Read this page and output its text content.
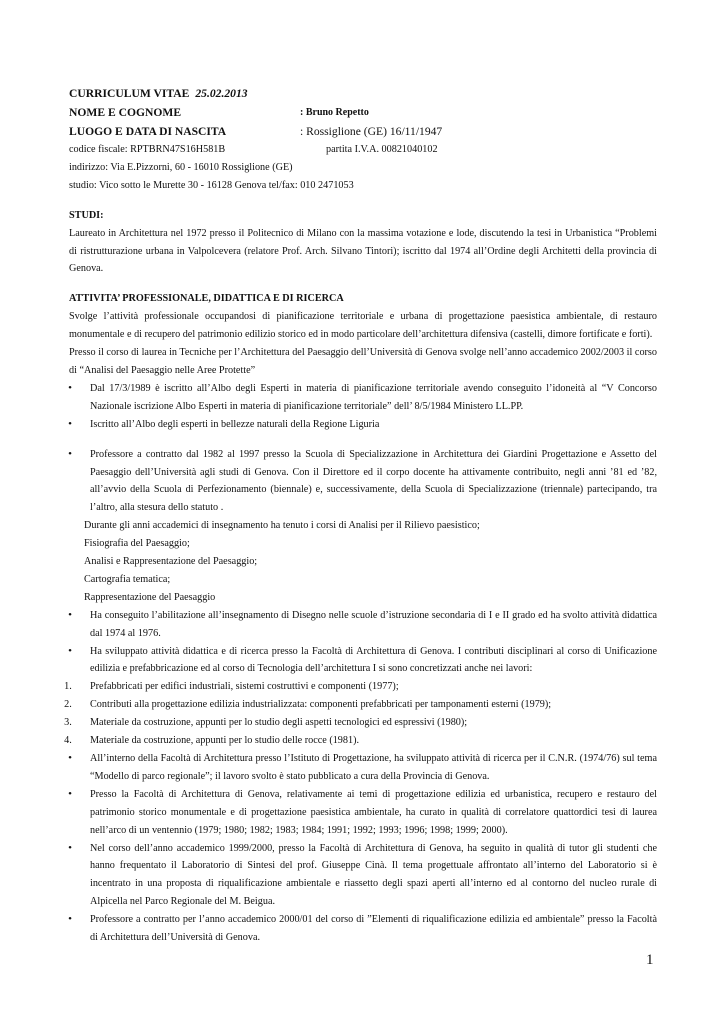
CURRICULUM VITAE 25.02.2013
NOME E COGNOME	: Bruno Repetto
LUOGO E DATA DI NASCITA	: Rossiglione (GE) 16/11/1947
codice fiscale: RPTBRN47S16H581B	partita I.V.A. 00821040102
indirizzo: Via E.Pizzorni, 60 - 16010 Rossiglione (GE)
studio: Vico sotto le Murette 30 - 16128 Genova tel/fax: 010 2471053
STUDI:
Laureato in Architettura nel 1972 presso il Politecnico di Milano con la massima votazione e lode, discutendo la tesi in Urbanistica “Problemi di ristrutturazione urbana in Valpolcevera (relatore Prof. Arch. Silvano Tintori); iscritto dal 1974 all’Ordine degli Architetti della provincia di Genova.
ATTIVITA’ PROFESSIONALE, DIDATTICA E DI RICERCA
Svolge l’attività professionale occupandosi di pianificazione territoriale e urbana di progettazione paesistica ambientale, di restauro monumentale e di recupero del patrimonio edilizio storico ed in modo particolare dell’architettura difensiva (castelli, dimore fortificate e forti).
Presso il corso di laurea in Tecniche per l’Architettura del Paesaggio dell’Università di Genova svolge nell’anno accademico 2002/2003 il corso di “Analisi del Paesaggio nelle Aree Protette”
•	Dal 17/3/1989 è iscritto all’Albo degli Esperti in materia di pianificazione territoriale avendo conseguito l’idoneità al “V Concorso Nazionale iscrizione Albo Esperti in materia di pianificazione territoriale” dell’ 8/5/1984 Ministero LL.PP.
•	Iscritto all’Albo degli esperti in bellezze naturali della Regione Liguria
•	Professore a contratto dal 1982 al 1997 presso la Scuola di Specializzazione in Architettura dei Giardini Progettazione e Assetto del Paesaggio dell’Università agli studi di Genova. Con il Direttore ed il corpo docente ha attivamente contribuito, negli anni ’81 ed ’82, all’avvio della Scuola di Perfezionamento (biennale) e, successivamente, della Scuola di Specializzazione (triennale) partecipando, tra l’altro, alla stesura dello statuto .
Durante gli anni accademici di insegnamento ha tenuto i corsi di Analisi per il Rilievo paesistico;
Fisiografia del Paesaggio;
Analisi e Rappresentazione del Paesaggio;
Cartografia tematica;
Rappresentazione del Paesaggio
•	Ha conseguito l’abilitazione all’insegnamento di Disegno nelle scuole d’istruzione secondaria di I e II grado ed ha svolto attività didattica dal 1974 al 1976.
•	Ha sviluppato attività didattica e di ricerca presso la Facoltà di Architettura di Genova. I contributi disciplinari al corso di Unificazione edilizia e prefabbricazione ed al corso di Tecnologia dell’architettura I si sono concretizzati anche nei lavori:
1.	Prefabbricati per edifici industriali, sistemi costruttivi e componenti (1977);
2.	Contributi alla progettazione edilizia industrializzata: componenti prefabbricati per tamponamenti esterni (1979);
3.	Materiale da costruzione, appunti per lo studio degli aspetti tecnologici ed espressivi (1980);
4.	Materiale da costruzione, appunti per lo studio delle rocce (1981).
•	All’interno della Facoltà di Architettura presso l’Istituto di Progettazione, ha sviluppato attività di ricerca per il C.N.R. (1974/76) sul tema “Modello di parco regionale”; il lavoro svolto è stato pubblicato a cura della Provincia di Genova.
•	Presso la Facoltà di Architettura di Genova, relativamente ai temi di progettazione edilizia ed urbanistica, recupero e restauro del patrimonio storico monumentale e di progettazione paesistica ambientale, ha curato in qualità di correlatore quattordici tesi di laurea nell’arco di un ventennio (1979; 1980; 1982; 1983; 1984; 1991; 1992; 1993; 1996; 1998; 1999; 2000).
•	Nel corso dell’anno accademico 1999/2000, presso la Facoltà di Architettura di Genova, ha seguito in qualità di tutor gli studenti che hanno frequentato il Laboratorio di Sintesi del prof. Giuseppe Cinà. Il tema progettuale affrontato all’interno del Laboratorio si è incentrato in una proposta di riqualificazione ambientale e riassetto degli spazi aperti all’interno ed al contorno del nucleo rurale di Alpicella nel Parco Regionale del M. Beigua.
•	Professore a contratto per l’anno accademico 2000/01 del corso di ”Elementi di riqualificazione edilizia ed ambientale” presso la Facoltà di Architettura dell’Università di Genova.
1
